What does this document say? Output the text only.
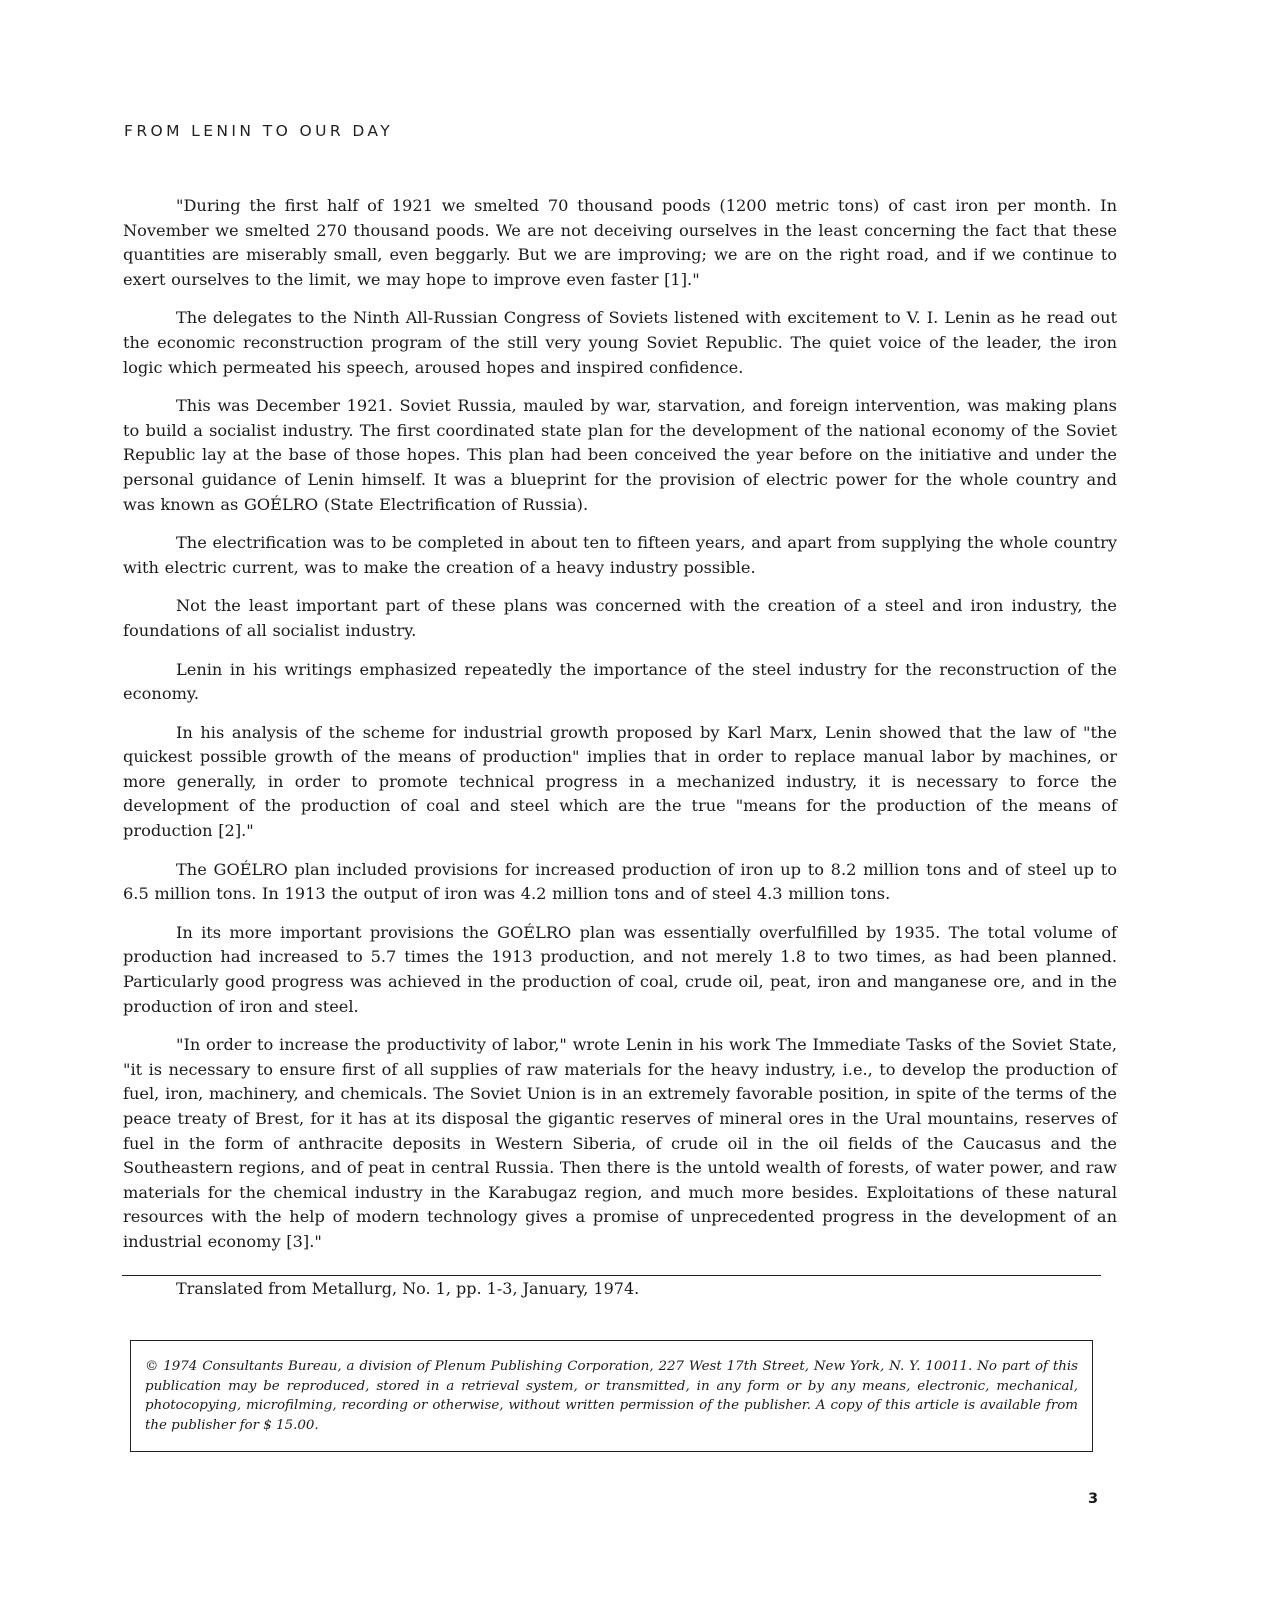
FROM LENIN TO OUR DAY

"During the first half of 1921 we smelted 70 thousand poods (1200 metric tons) of cast iron per month. In November we smelted 270 thousand poods. We are not deceiving ourselves in the least concerning the fact that these quantities are miserably small, even beggarly. But we are improving; we are on the right road, and if we continue to exert ourselves to the limit, we may hope to improve even faster [1]."

The delegates to the Ninth All-Russian Congress of Soviets listened with excitement to V. I. Lenin as he read out the economic reconstruction program of the still very young Soviet Republic. The quiet voice of the leader, the iron logic which permeated his speech, aroused hopes and inspired confidence.

This was December 1921. Soviet Russia, mauled by war, starvation, and foreign intervention, was making plans to build a socialist industry. The first coordinated state plan for the development of the national economy of the Soviet Republic lay at the base of those hopes. This plan had been conceived the year before on the initiative and under the personal guidance of Lenin himself. It was a blueprint for the provision of electric power for the whole country and was known as GOÉLRO (State Electrification of Russia).

The electrification was to be completed in about ten to fifteen years, and apart from supplying the whole country with electric current, was to make the creation of a heavy industry possible.

Not the least important part of these plans was concerned with the creation of a steel and iron industry, the foundations of all socialist industry.

Lenin in his writings emphasized repeatedly the importance of the steel industry for the reconstruction of the economy.

In his analysis of the scheme for industrial growth proposed by Karl Marx, Lenin showed that the law of "the quickest possible growth of the means of production" implies that in order to replace manual labor by machines, or more generally, in order to promote technical progress in a mechanized industry, it is necessary to force the development of the production of coal and steel which are the true "means for the production of the means of production [2]."

The GOÉLRO plan included provisions for increased production of iron up to 8.2 million tons and of steel up to 6.5 million tons. In 1913 the output of iron was 4.2 million tons and of steel 4.3 million tons.

In its more important provisions the GOÉLRO plan was essentially overfulfilled by 1935. The total volume of production had increased to 5.7 times the 1913 production, and not merely 1.8 to two times, as had been planned. Particularly good progress was achieved in the production of coal, crude oil, peat, iron and manganese ore, and in the production of iron and steel.

"In order to increase the productivity of labor," wrote Lenin in his work The Immediate Tasks of the Soviet State, "it is necessary to ensure first of all supplies of raw materials for the heavy industry, i.e., to develop the production of fuel, iron, machinery, and chemicals. The Soviet Union is in an extremely favorable position, in spite of the terms of the peace treaty of Brest, for it has at its disposal the gigantic reserves of mineral ores in the Ural mountains, reserves of fuel in the form of anthracite deposits in Western Siberia, of crude oil in the oil fields of the Caucasus and the Southeastern regions, and of peat in central Russia. Then there is the untold wealth of forests, of water power, and raw materials for the chemical industry in the Karabugaz region, and much more besides. Exploitations of these natural resources with the help of modern technology gives a promise of unprecedented progress in the development of an industrial economy [3]."

Translated from Metallurg, No. 1, pp. 1-3, January, 1974.

© 1974 Consultants Bureau, a division of Plenum Publishing Corporation, 227 West 17th Street, New York, N. Y. 10011. No part of this publication may be reproduced, stored in a retrieval system, or transmitted, in any form or by any means, electronic, mechanical, photocopying, microfilming, recording or otherwise, without written permission of the publisher. A copy of this article is available from the publisher for $ 15.00.

3
